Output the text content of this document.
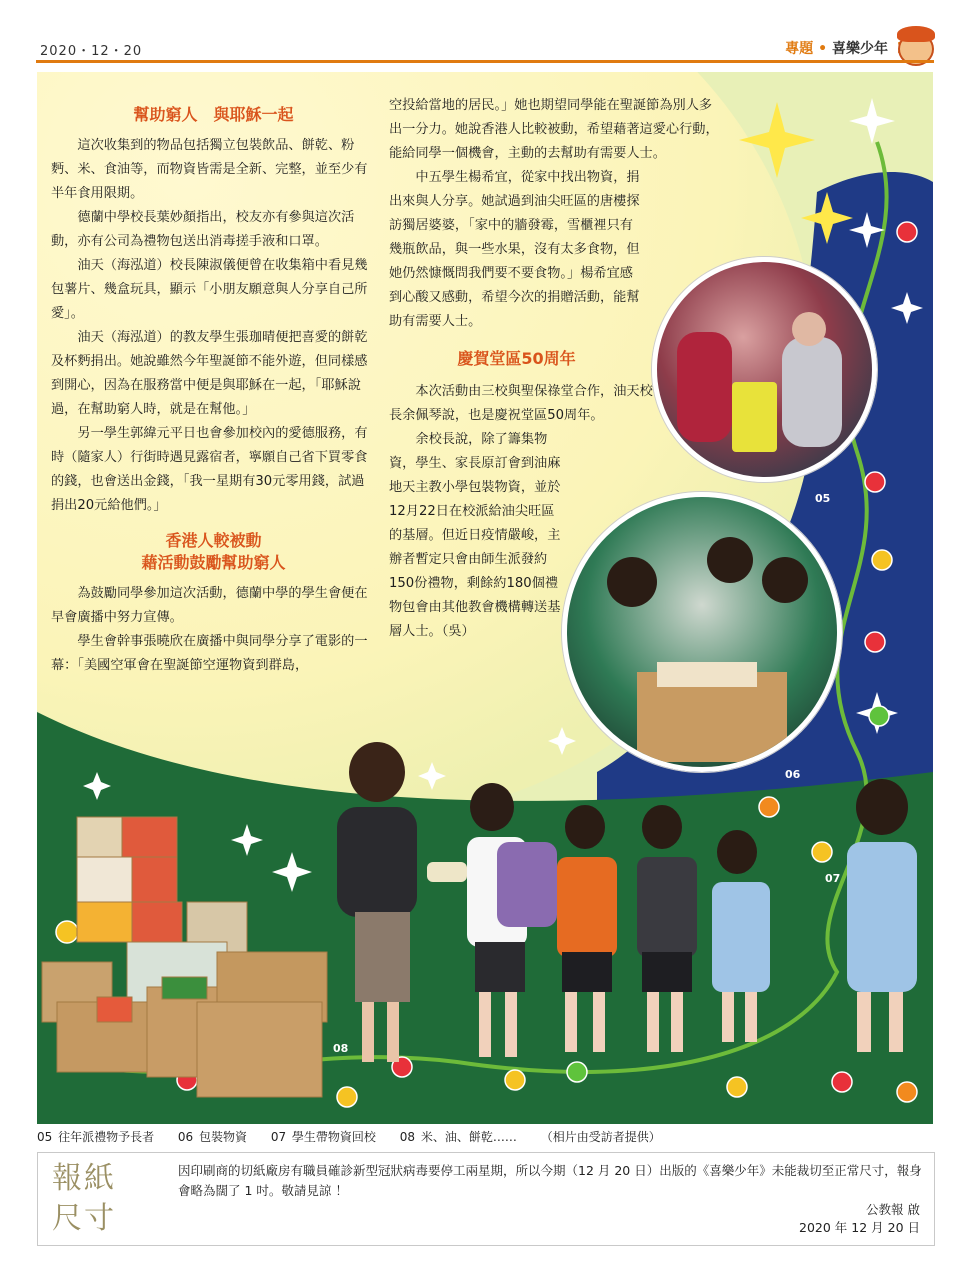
2020・12・20	專題 • 喜樂少年
05
06
07
08

幫助窮人　與耶穌一起

這次收集到的物品包括獨立包裝飲品、餅乾、粉麪、米、食油等，而物資皆需是全新、完整，並至少有半年食用限期。

德蘭中學校長葉妙顏指出，校友亦有參與這次活動，亦有公司為禮物包送出消毒搓手液和口罩。

油天（海泓道）校長陳淑儀便曾在收集箱中看見幾包薯片、幾盒玩具，顯示「小朋友願意與人分享自己所愛」。

油天（海泓道）的教友學生張珈晴便把喜愛的餅乾及杯麪捐出。她說雖然今年聖誕節不能外遊，但同樣感到開心，因為在服務當中便是與耶穌在一起，「耶穌說過，在幫助窮人時，就是在幫他。」

另一學生郭緯元平日也會參加校內的愛德服務，有時（隨家人）行街時遇見露宿者，寧願自己省下買零食的錢，也會送出金錢，「我一星期有30元零用錢，試過捐出20元給他們。」

香港人較被動

藉活動鼓勵幫助窮人

為鼓勵同學參加這次活動，德蘭中學的學生會便在早會廣播中努力宣傳。

學生會幹事張曉欣在廣播中與同學分享了電影的一幕：「美國空軍會在聖誕節空運物資到群島，

空投給當地的居民。」她也期望同學能在聖誕節為別人多出一分力。她說香港人比較被動，希望藉著這愛心行動，能給同學一個機會，主動的去幫助有需要人士。

中五學生楊希宜，從家中找出物資，捐出來與人分享。她試過到油尖旺區的唐樓探訪獨居婆婆，「家中的牆發霉，雪櫃裡只有幾瓶飲品，與一些水果，沒有太多食物，但她仍然慷慨問我們要不要食物。」楊希宜感到心酸又感動，希望今次的捐贈活動，能幫助有需要人士。

慶賀堂區50周年

本次活動由三校與聖保祿堂合作，油天校長余佩琴說，也是慶祝堂區50周年。

余校長說，除了籌集物資，學生、家長原訂會到油麻地天主教小學包裝物資，並於12月22日在校派給油尖旺區的基層。但近日疫情嚴峻，主辦者暫定只會由師生派發約150份禮物，剩餘約180個禮物包會由其他教會機構轉送基層人士。（吳）

05 往年派禮物予長者 06 包裝物資 07 學生帶物資回校 08 米、油、餅乾…… （相片由受訪者提供）
報紙
尺寸
因印刷商的切紙廠房有職員確診新型冠狀病毒要停工兩星期，所以今期（12 月 20 日）出版的《喜樂少年》未能裁切至正常尺寸，報身會略為闊了 1 吋。敬請見諒 ！
公教報 啟
2020 年 12 月 20 日
